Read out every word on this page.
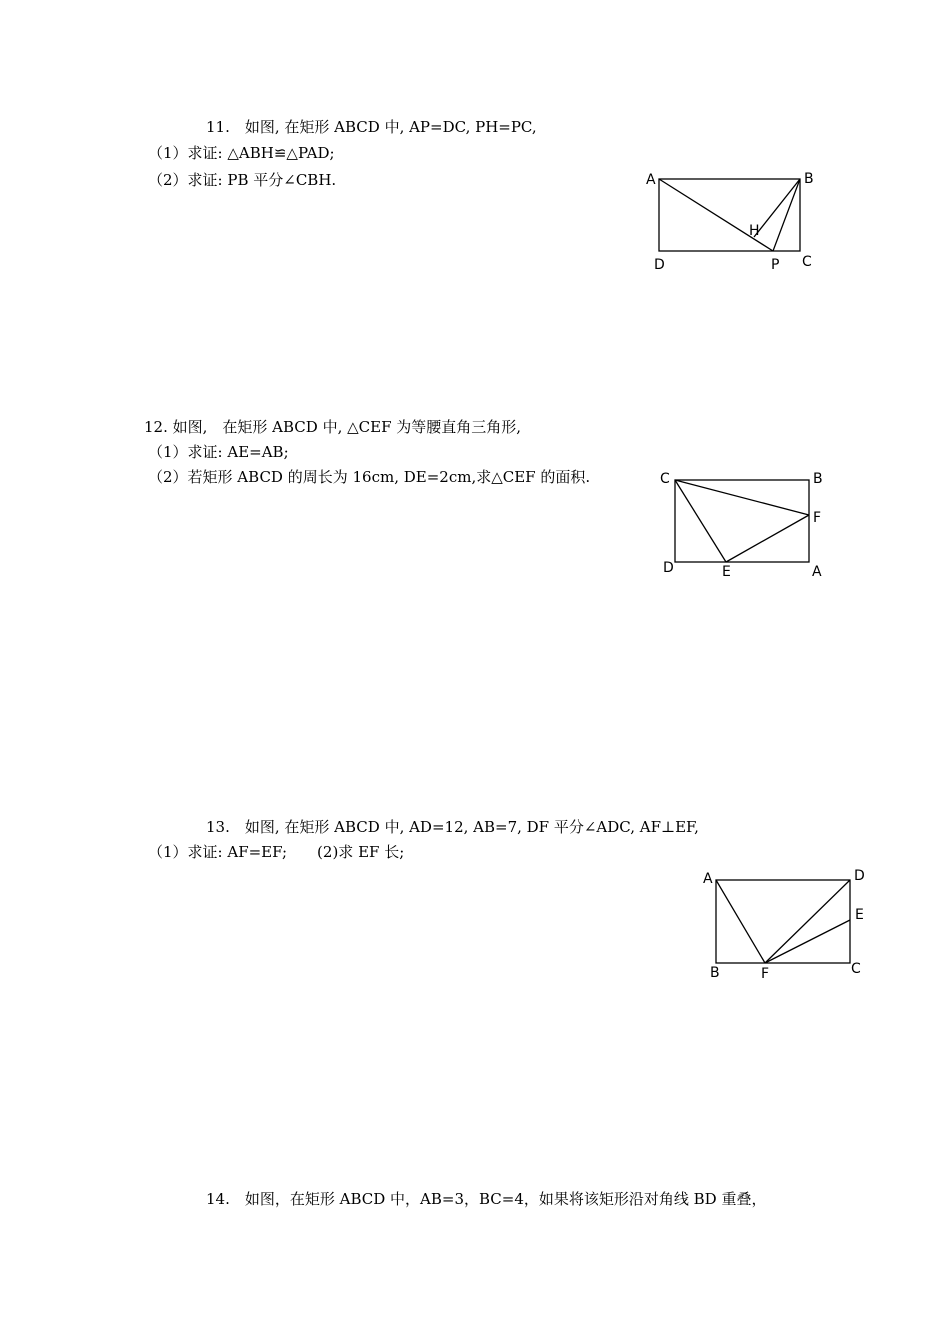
11.　如图, 在矩形 ABCD 中, AP=DC, PH=PC,
（1）求证: △ABH≌△PAD;
（2）求证: PB 平分∠CBH.	A	B
C
D
H
P
12. 如图,　在矩形 ABCD 中, △CEF 为等腰直角三角形,
（1）求证: AE=AB;
（2）若矩形 ABCD 的周长为 16cm, DE=2cm,求△CEF 的面积.	C	B
F
D	E	A
13.　如图, 在矩形 ABCD 中, AD=12, AB=7, DF 平分∠ADC, AF⊥EF,
（1）求证: AF=EF;　　(2)求 EF 长;
A	D
E
B	F	C
14.　如图，在矩形 ABCD 中，AB=3，BC=4，如果将该矩形沿对角线 BD 重叠，
